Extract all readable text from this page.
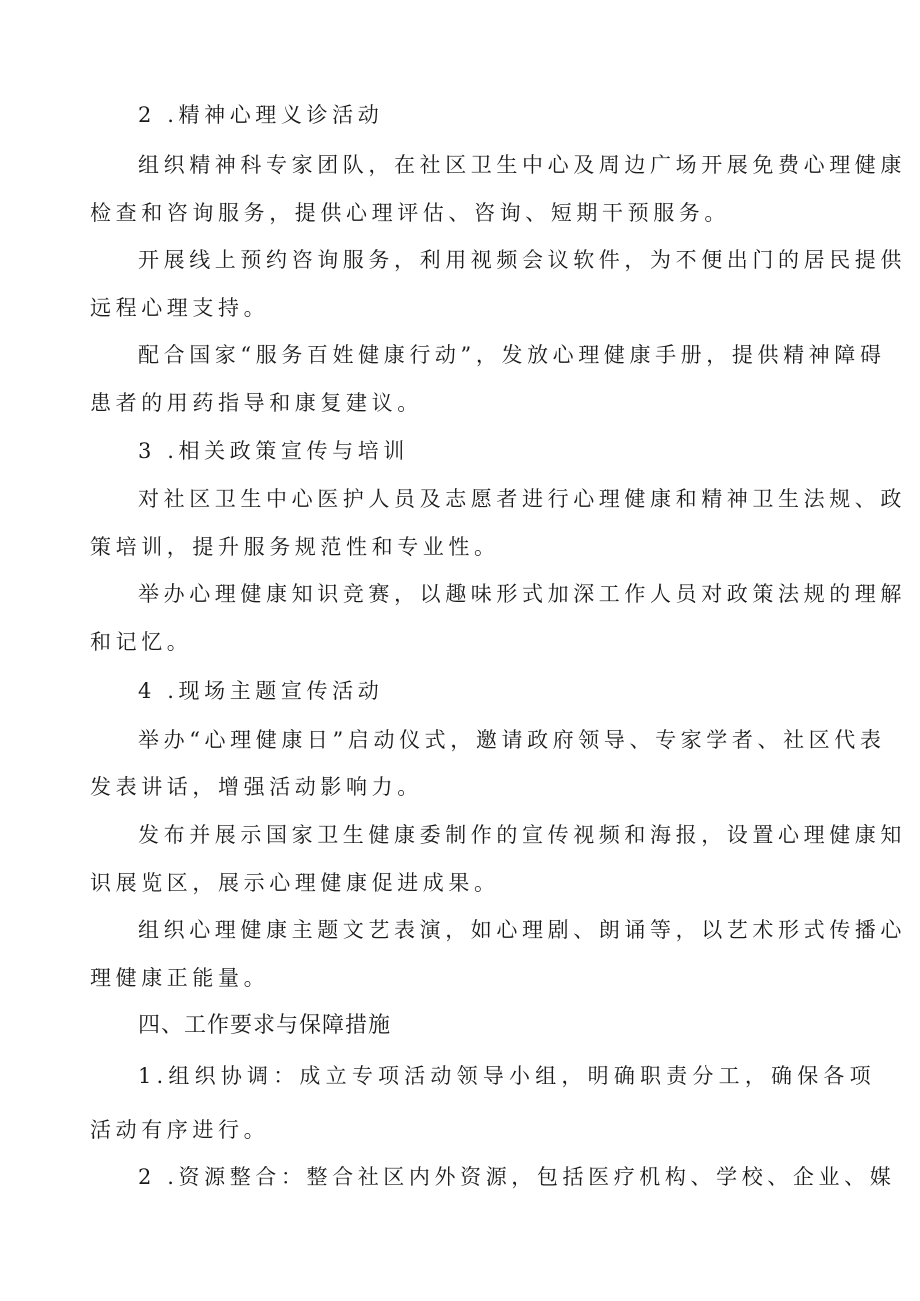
2 .精神心理义诊活动

组织精神科专家团队，在社区卫生中心及周边广场开展免费心理健康

检查和咨询服务，提供心理评估、咨询、短期干预服务。

开展线上预约咨询服务，利用视频会议软件，为不便出门的居民提供

远程心理支持。

配合国家“服务百姓健康行动”，发放心理健康手册，提供精神障碍

患者的用药指导和康复建议。

3 .相关政策宣传与培训

对社区卫生中心医护人员及志愿者进行心理健康和精神卫生法规、政

策培训，提升服务规范性和专业性。

举办心理健康知识竞赛，以趣味形式加深工作人员对政策法规的理解

和记忆。

4 .现场主题宣传活动

举办“心理健康日”启动仪式，邀请政府领导、专家学者、社区代表

发表讲话，增强活动影响力。

发布并展示国家卫生健康委制作的宣传视频和海报，设置心理健康知

识展览区，展示心理健康促进成果。

组织心理健康主题文艺表演，如心理剧、朗诵等，以艺术形式传播心

理健康正能量。

四、工作要求与保障措施

1.组织协调：成立专项活动领导小组，明确职责分工，确保各项

活动有序进行。

2 .资源整合：整合社区内外资源，包括医疗机构、学校、企业、媒
